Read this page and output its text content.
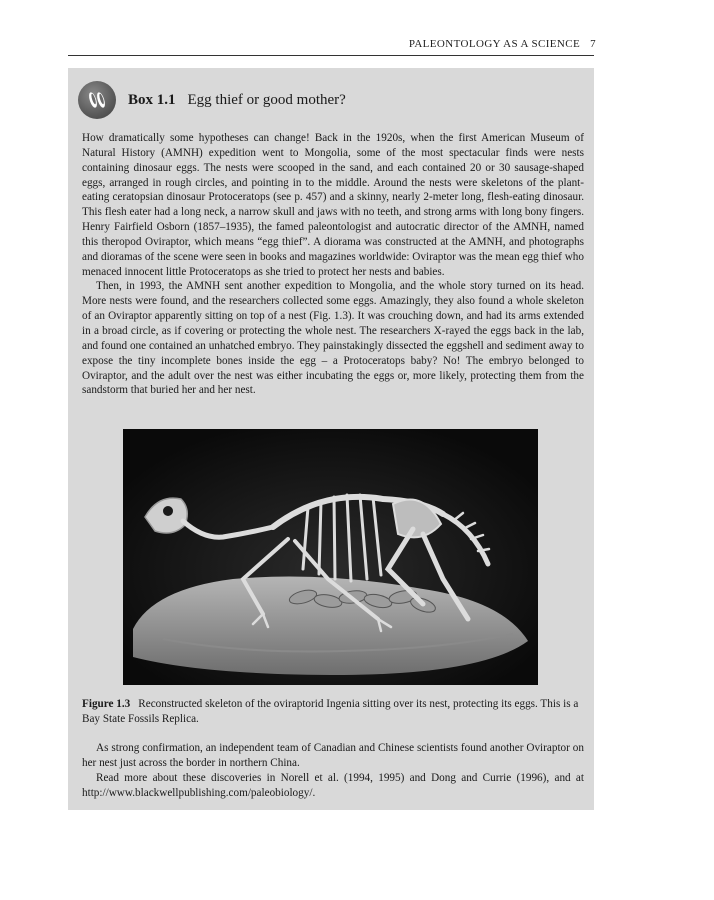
PALEONTOLOGY AS A SCIENCE 7
Box 1.1 Egg thief or good mother?

How dramatically some hypotheses can change! Back in the 1920s, when the first American Museum of Natural History (AMNH) expedition went to Mongolia, some of the most spectacular finds were nests containing dinosaur eggs. The nests were scooped in the sand, and each contained 20 or 30 sausage-shaped eggs, arranged in rough circles, and pointing in to the middle. Around the nests were skeletons of the plant-eating ceratopsian dinosaur Protoceratops (see p. 457) and a skinny, nearly 2-meter long, flesh-eating dinosaur. This flesh eater had a long neck, a narrow skull and jaws with no teeth, and strong arms with long bony fingers. Henry Fairfield Osborn (1857–1935), the famed paleontologist and autocratic director of the AMNH, named this theropod Oviraptor, which means “egg thief”. A diorama was constructed at the AMNH, and photographs and dioramas of the scene were seen in books and magazines worldwide: Oviraptor was the mean egg thief who menaced innocent little Protoceratops as she tried to protect her nests and babies.

Then, in 1993, the AMNH sent another expedition to Mongolia, and the whole story turned on its head. More nests were found, and the researchers collected some eggs. Amazingly, they also found a whole skeleton of an Oviraptor apparently sitting on top of a nest (Fig. 1.3). It was crouching down, and had its arms extended in a broad circle, as if covering or protecting the whole nest. The researchers X-rayed the eggs back in the lab, and found one contained an unhatched embryo. They painstakingly dissected the eggshell and sediment away to expose the tiny incomplete bones inside the egg – a Protoceratops baby? No! The embryo belonged to Oviraptor, and the adult over the nest was either incubating the eggs or, more likely, protecting them from the sandstorm that buried her and her nest.

Figure 1.3 Reconstructed skeleton of the oviraptorid Ingenia sitting over its nest, protecting its eggs. This is a Bay State Fossils Replica.

As strong confirmation, an independent team of Canadian and Chinese scientists found another Oviraptor on her nest just across the border in northern China.

Read more about these discoveries in Norell et al. (1994, 1995) and Dong and Currie (1996), and at http://www.blackwellpublishing.com/paleobiology/.
